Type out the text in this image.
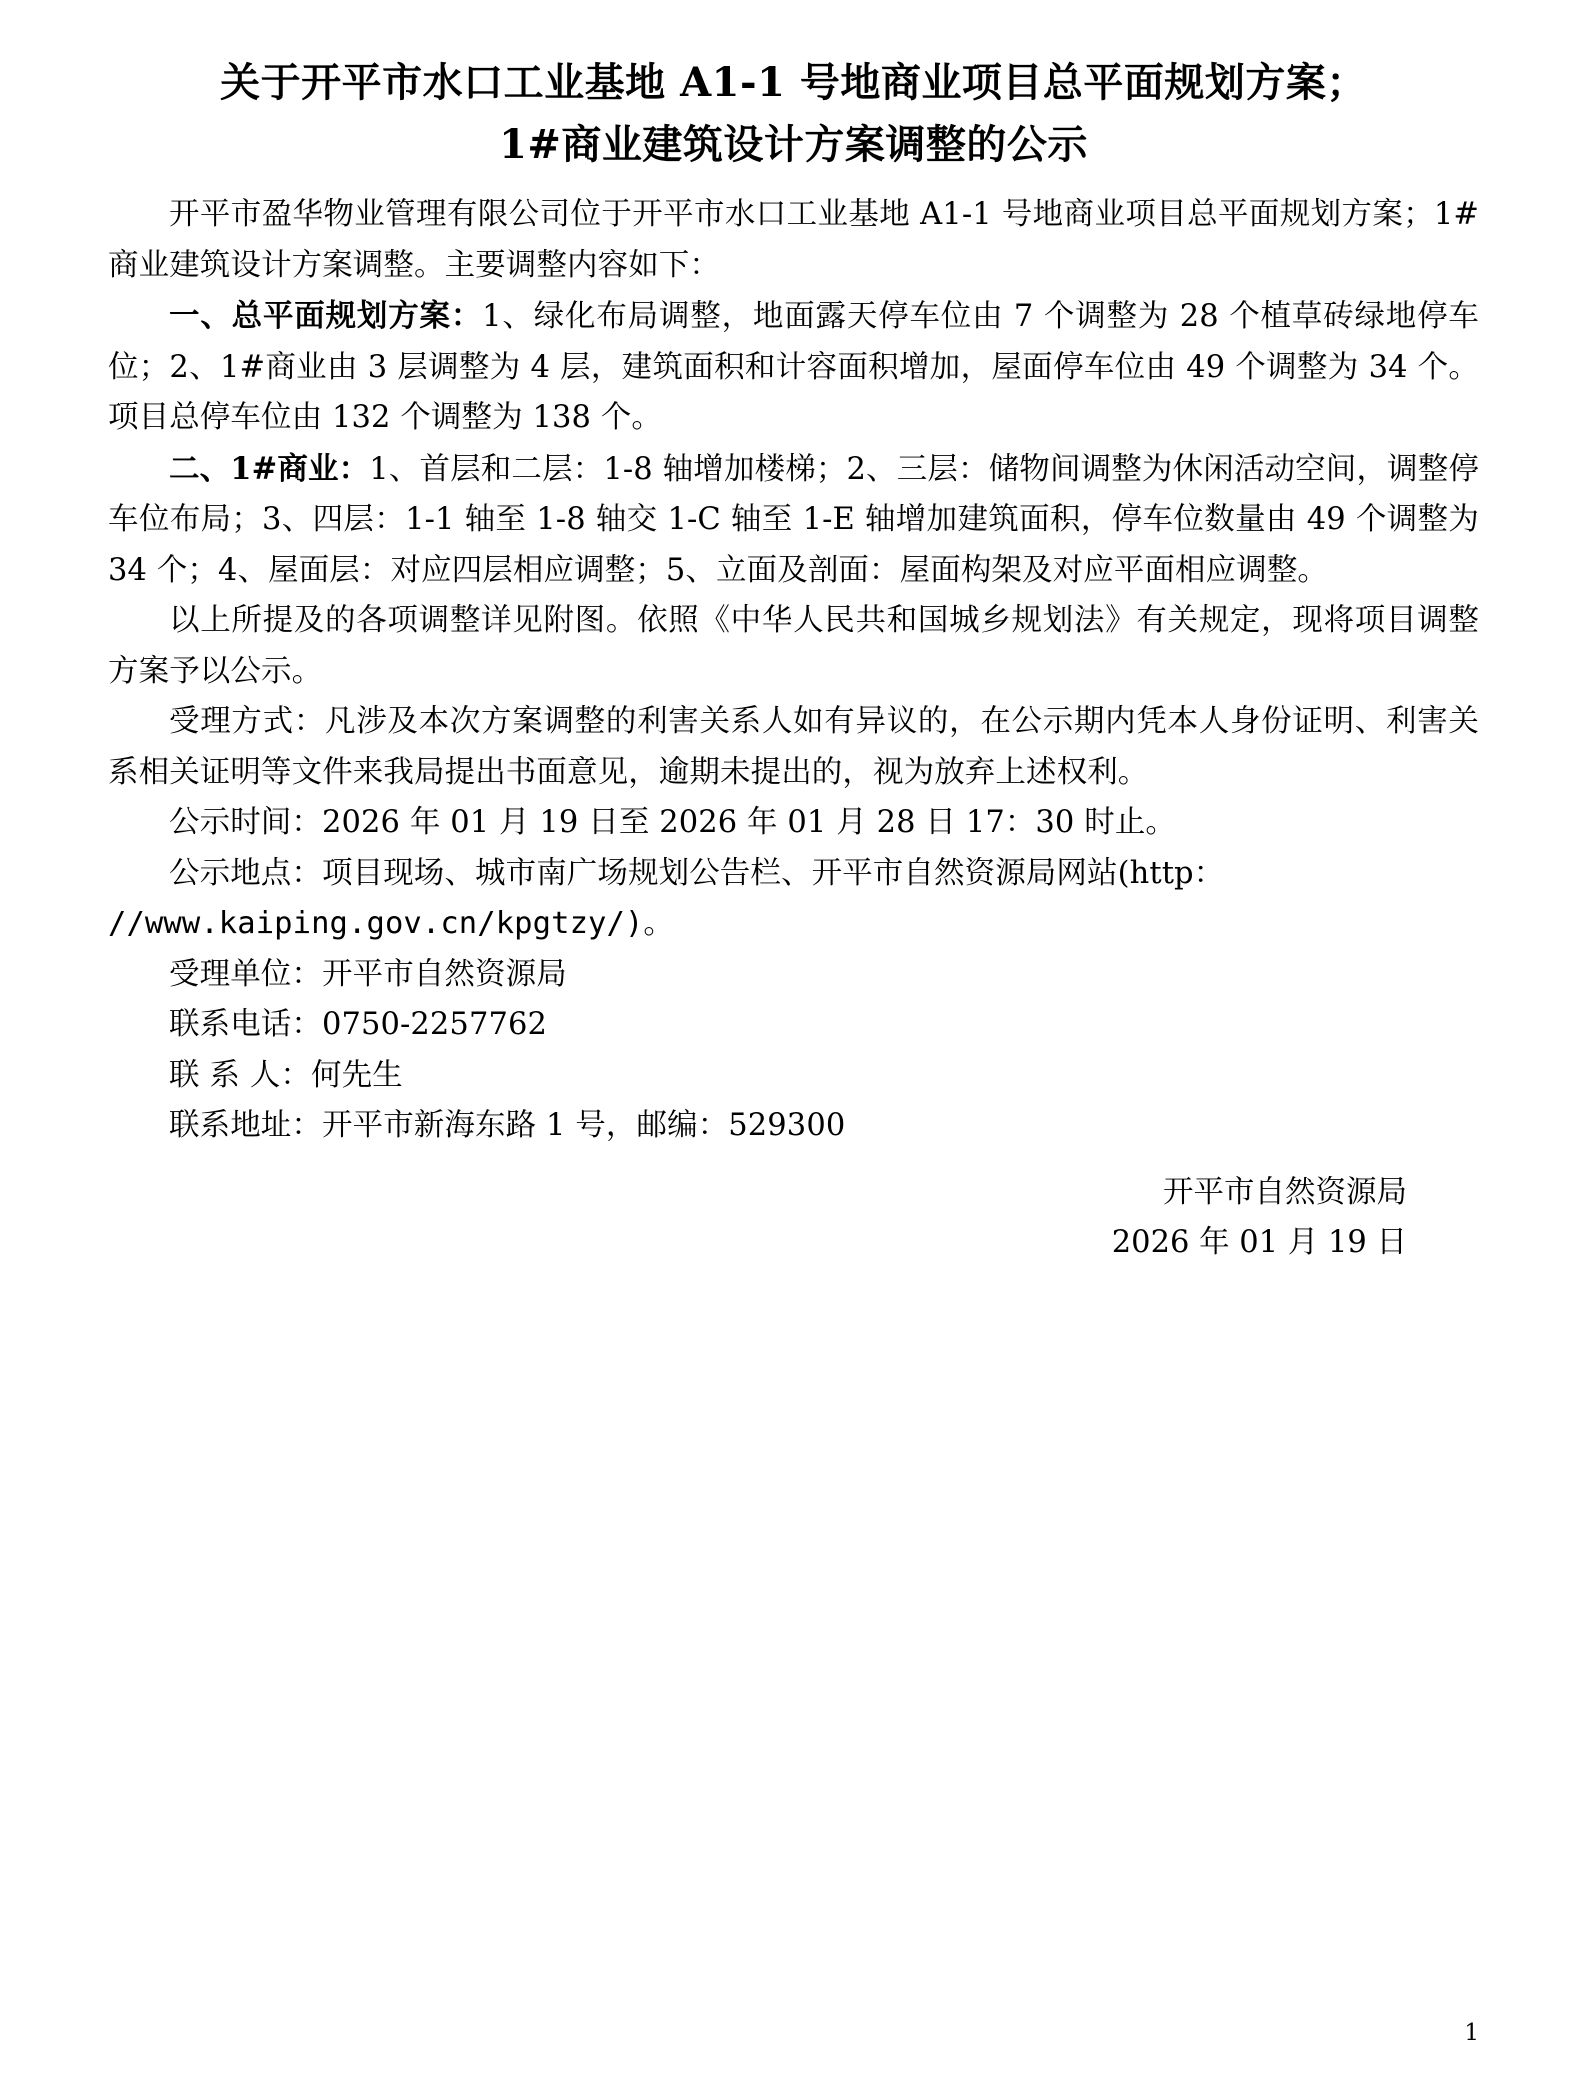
关于开平市水口工业基地 A1-1 号地商业项目总平面规划方案；
1#商业建筑设计方案调整的公示

开平市盈华物业管理有限公司位于开平市水口工业基地 A1-1 号地商业项目总平面规划方案；1#商业建筑设计方案调整。主要调整内容如下：

一、总平面规划方案：1、绿化布局调整，地面露天停车位由 7 个调整为 28 个植草砖绿地停车位；2、1#商业由 3 层调整为 4 层，建筑面积和计容面积增加，屋面停车位由 49 个调整为 34 个。项目总停车位由 132 个调整为 138 个。

二、1#商业：1、首层和二层：1-8 轴增加楼梯；2、三层：储物间调整为休闲活动空间，调整停车位布局；3、四层：1-1 轴至 1-8 轴交 1-C 轴至 1-E 轴增加建筑面积，停车位数量由 49 个调整为 34 个；4、屋面层：对应四层相应调整；5、立面及剖面：屋面构架及对应平面相应调整。

以上所提及的各项调整详见附图。依照《中华人民共和国城乡规划法》有关规定，现将项目调整方案予以公示。

受理方式：凡涉及本次方案调整的利害关系人如有异议的，在公示期内凭本人身份证明、利害关系相关证明等文件来我局提出书面意见，逾期未提出的，视为放弃上述权利。

公示时间：2026 年 01 月 19 日至 2026 年 01 月 28 日 17：30 时止。

公示地点：项目现场、城市南广场规划公告栏、开平市自然资源局网站(http：

//www.kaiping.gov.cn/kpgtzy/)。

受理单位：开平市自然资源局

联系电话：0750-2257762

联 系 人：何先生

联系地址：开平市新海东路 1 号，邮编：529300

开平市自然资源局
2026 年 01 月 19 日
1
